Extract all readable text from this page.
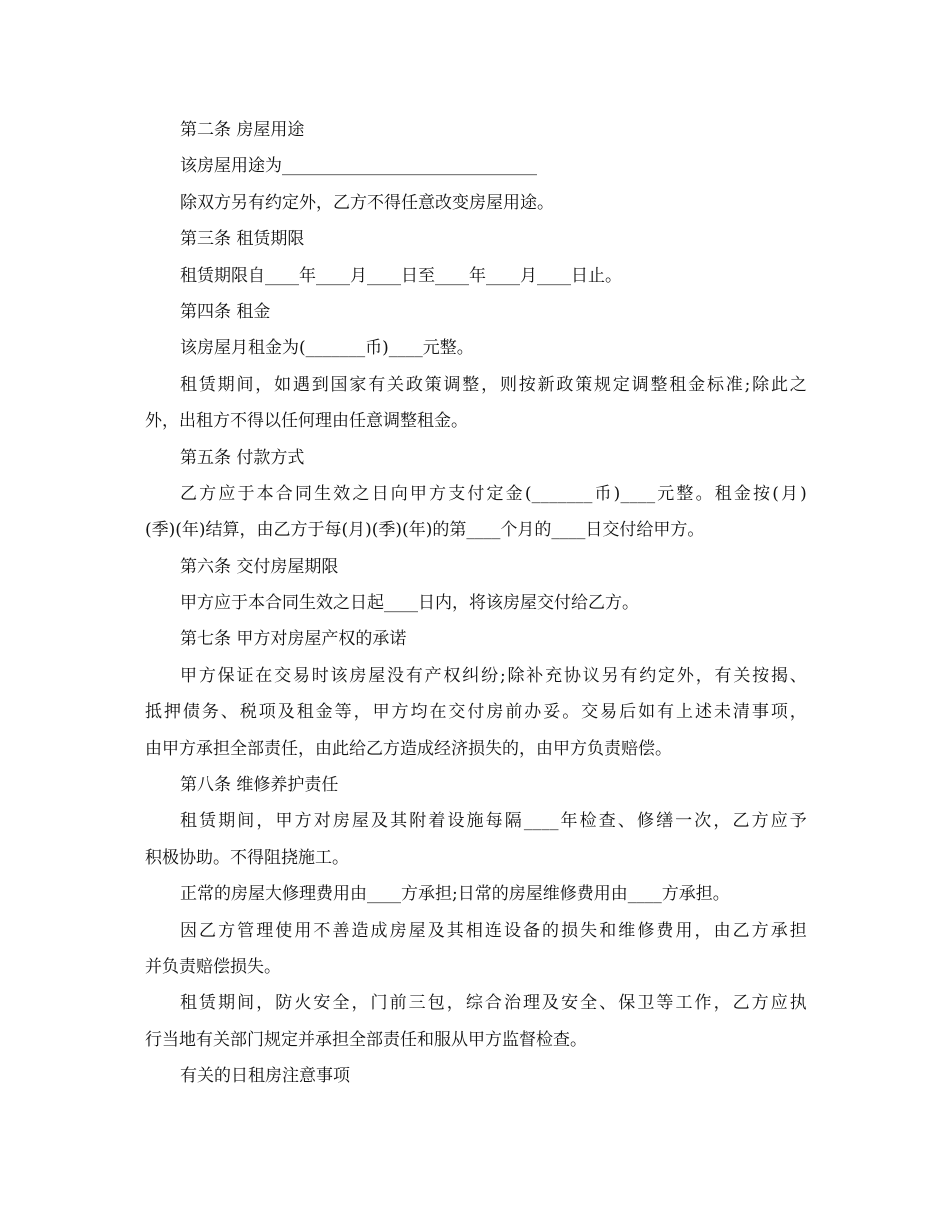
第二条 房屋用途
该房屋用途为______________________________
除双方另有约定外，乙方不得任意改变房屋用途。
第三条 租赁期限
租赁期限自____年____月____日至____年____月____日止。
第四条 租金
该房屋月租金为(_______币)____元整。
租赁期间，如遇到国家有关政策调整，则按新政策规定调整租金标准;除此之
外，出租方不得以任何理由任意调整租金。
第五条 付款方式
乙方应于本合同生效之日向甲方支付定金(_______币)____元整。租金按(月)
(季)(年)结算，由乙方于每(月)(季)(年)的第____个月的____日交付给甲方。
第六条 交付房屋期限
甲方应于本合同生效之日起____日内，将该房屋交付给乙方。
第七条 甲方对房屋产权的承诺
甲方保证在交易时该房屋没有产权纠纷;除补充协议另有约定外，有关按揭、
抵押债务、税项及租金等，甲方均在交付房前办妥。交易后如有上述未清事项，
由甲方承担全部责任，由此给乙方造成经济损失的，由甲方负责赔偿。
第八条 维修养护责任
租赁期间，甲方对房屋及其附着设施每隔____年检查、修缮一次，乙方应予
积极协助。不得阻挠施工。
正常的房屋大修理费用由____方承担;日常的房屋维修费用由____方承担。
因乙方管理使用不善造成房屋及其相连设备的损失和维修费用，由乙方承担
并负责赔偿损失。
租赁期间，防火安全，门前三包，综合治理及安全、保卫等工作，乙方应执
行当地有关部门规定并承担全部责任和服从甲方监督检查。
有关的日租房注意事项
